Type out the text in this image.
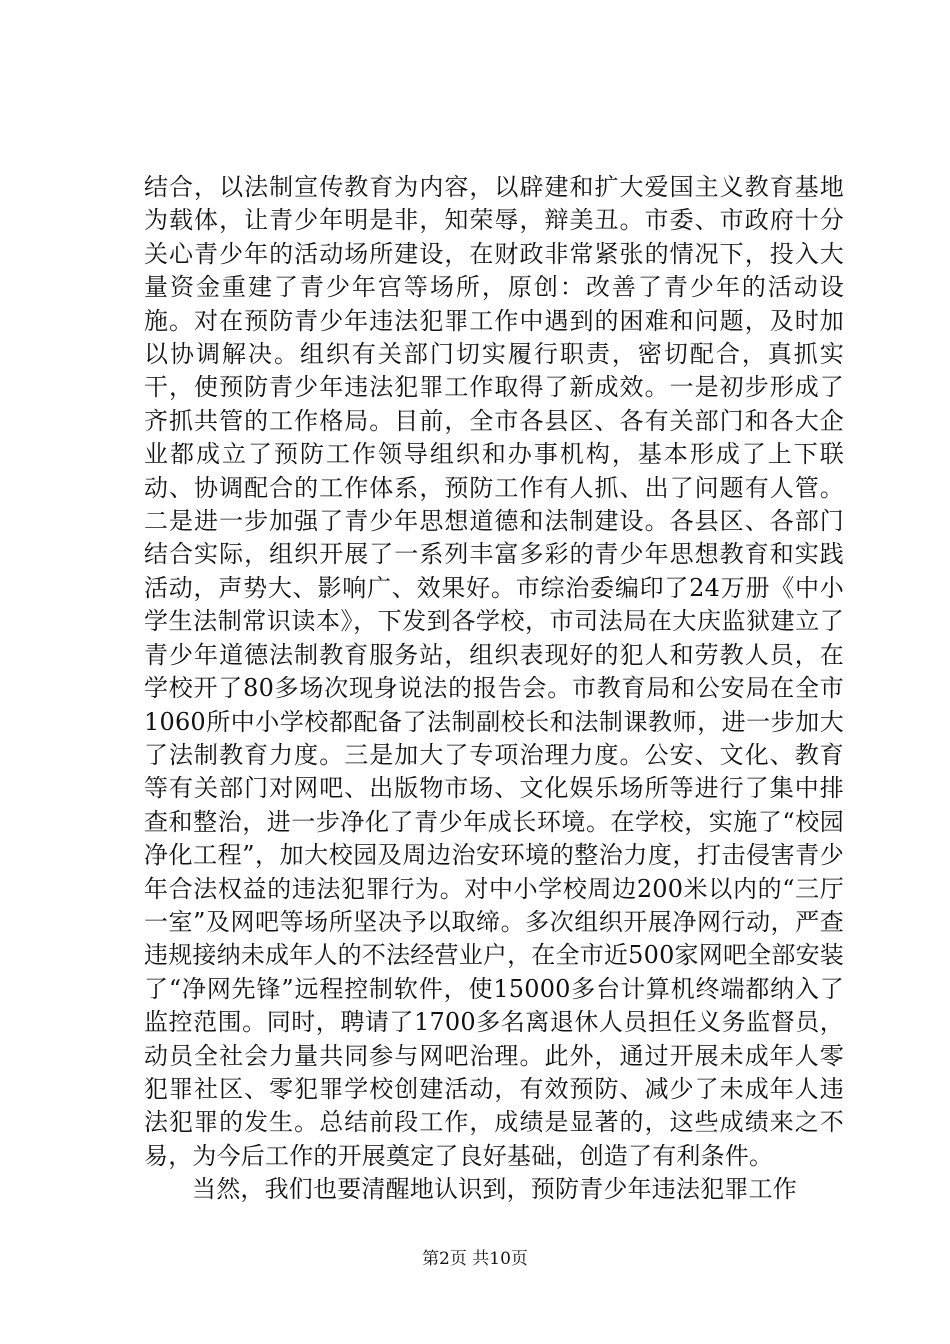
结合，以法制宣传教育为内容，以辟建和扩大爱国主义教育基地为载体，让青少年明是非，知荣辱，辩美丑。市委、市政府十分关心青少年的活动场所建设，在财政非常紧张的情况下，投入大量资金重建了青少年宫等场所，原创：改善了青少年的活动设施。对在预防青少年违法犯罪工作中遇到的困难和问题，及时加以协调解决。组织有关部门切实履行职责，密切配合，真抓实干，使预防青少年违法犯罪工作取得了新成效。一是初步形成了齐抓共管的工作格局。目前，全市各县区、各有关部门和各大企业都成立了预防工作领导组织和办事机构，基本形成了上下联动、协调配合的工作体系，预防工作有人抓、出了问题有人管。二是进一步加强了青少年思想道德和法制建设。各县区、各部门结合实际，组织开展了一系列丰富多彩的青少年思想教育和实践活动，声势大、影响广、效果好。市综治委编印了24万册《中小学生法制常识读本》，下发到各学校，市司法局在大庆监狱建立了青少年道德法制教育服务站，组织表现好的犯人和劳教人员，在学校开了80多场次现身说法的报告会。市教育局和公安局在全市1060所中小学校都配备了法制副校长和法制课教师，进一步加大了法制教育力度。三是加大了专项治理力度。公安、文化、教育等有关部门对网吧、出版物市场、文化娱乐场所等进行了集中排查和整治，进一步净化了青少年成长环境。在学校，实施了“校园净化工程”，加大校园及周边治安环境的整治力度，打击侵害青少年合法权益的违法犯罪行为。对中小学校周边200米以内的“三厅一室”及网吧等场所坚决予以取缔。多次组织开展净网行动，严查违规接纳未成年人的不法经营业户，在全市近500家网吧全部安装了“净网先锋”远程控制软件，使15000多台计算机终端都纳入了监控范围。同时，聘请了1700多名离退休人员担任义务监督员，动员全社会力量共同参与网吧治理。此外，通过开展未成年人零犯罪社区、零犯罪学校创建活动，有效预防、减少了未成年人违法犯罪的发生。总结前段工作，成绩是显著的，这些成绩来之不易，为今后工作的开展奠定了良好基础，创造了有利条件。

当然，我们也要清醒地认识到，预防青少年违法犯罪工作

第2页 共10页
